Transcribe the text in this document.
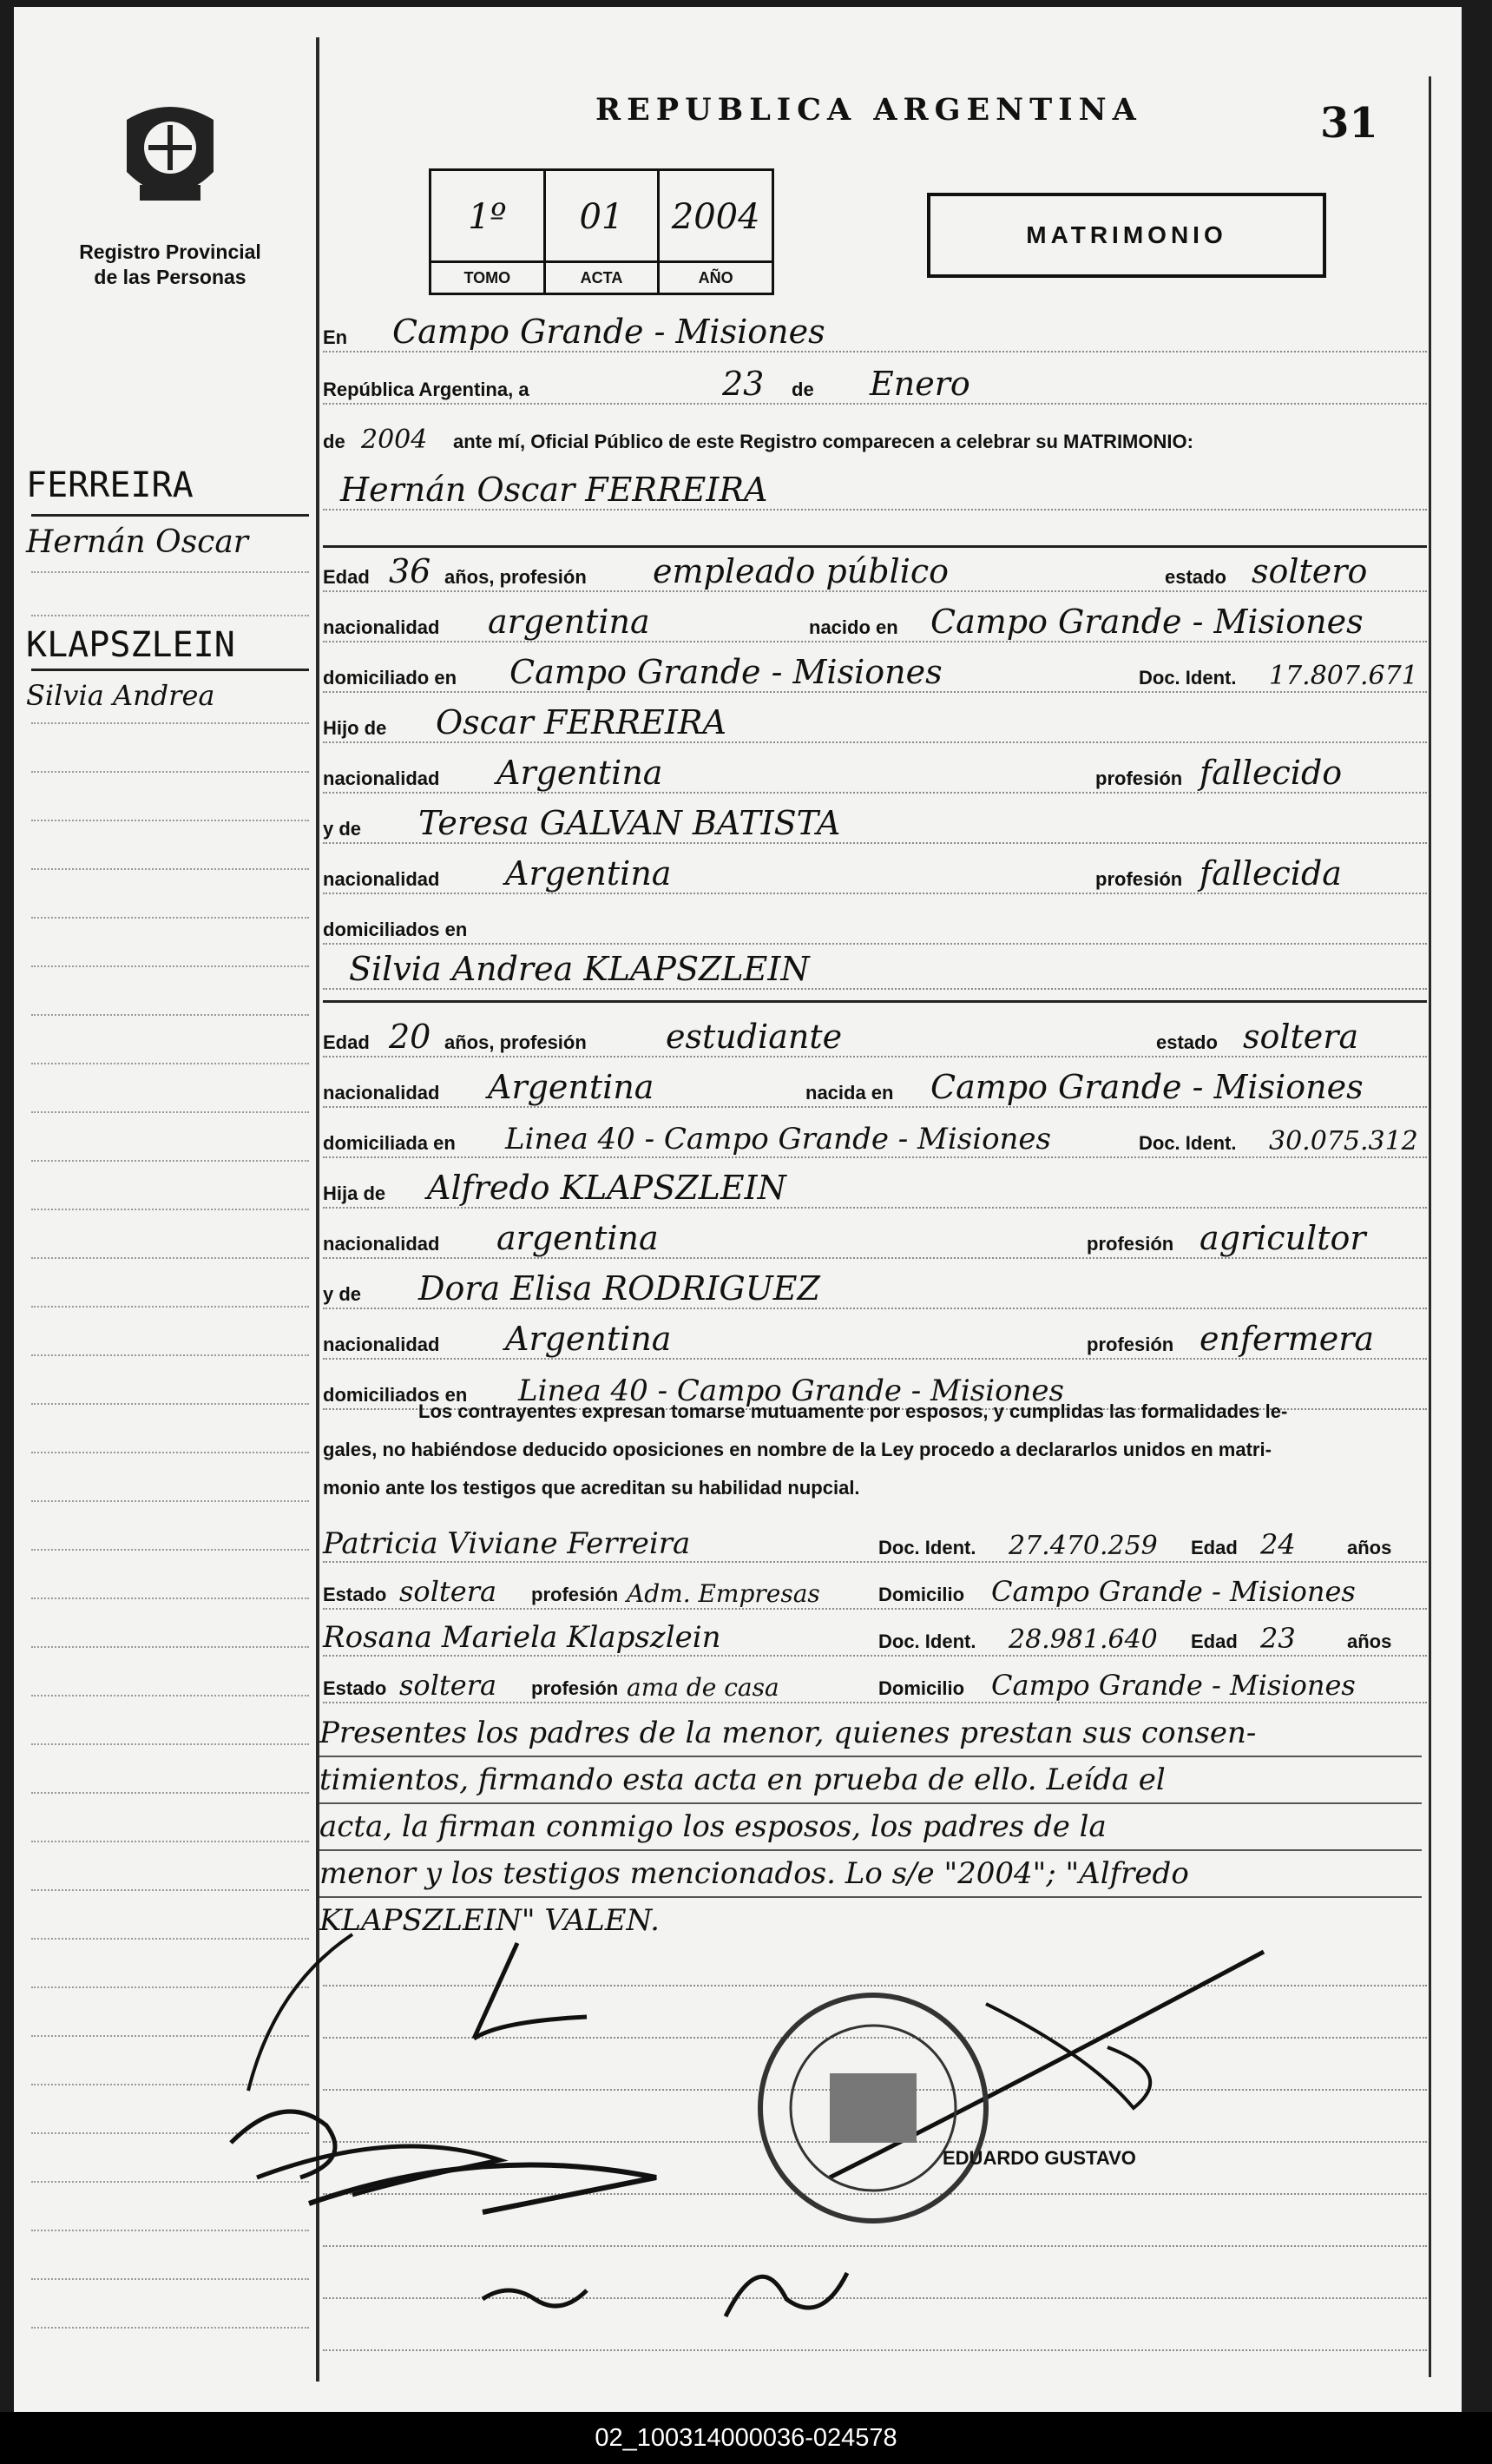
Registro Provincial
de las Personas
FERREIRA
Hernán Oscar
KLAPSZLEIN
Silvia Andrea
REPUBLICA ARGENTINA	31
1º
TOMO
01
ACTA
2004
AÑO
MATRIMONIO
En Campo Grande - Misiones
República Argentina, a	23 de Enero
de 2004 ante mí, Oficial Público de este Registro comparecen a celebrar su MATRIMONIO:
Hernán Oscar FERREIRA
Edad 36 años, profesión empleado público	estado soltero
nacionalidad argentina	nacido en Campo Grande - Misiones
domiciliado en Campo Grande - Misiones	Doc. Ident. 17.807.671
Hijo de Oscar FERREIRA
nacionalidad Argentina	profesión fallecido
y de Teresa GALVAN BATISTA
nacionalidad Argentina	profesión fallecida
domiciliados en
Silvia Andrea KLAPSZLEIN
Edad 20 años, profesión estudiante	estado soltera
nacionalidad Argentina	nacida en Campo Grande - Misiones
domiciliada en Linea 40 - Campo Grande - Misiones	Doc. Ident. 30.075.312
Hija de Alfredo KLAPSZLEIN
nacionalidad argentina	profesión agricultor
y de Dora Elisa RODRIGUEZ
nacionalidad Argentina	profesión enfermera
domiciliados en Linea 40 - Campo Grande - Misiones
Los contrayentes expresan tomarse mutuamente por esposos, y cumplidas las formalidades le-
gales, no habiéndose deducido oposiciones en nombre de la Ley procedo a declararlos unidos en matri-
monio ante los testigos que acreditan su habilidad nupcial.
Patricia Viviane Ferreira	Doc. Ident. 27.470.259 Edad 24	años
Estado soltera profesión Adm. Empresas	Domicilio Campo Grande - Misiones
Rosana Mariela Klapszlein	Doc. Ident. 28.981.640 Edad 23	años
Estado soltera profesión ama de casa	Domicilio Campo Grande - Misiones
Presentes los padres de la menor, quienes prestan sus consen-
timientos, firmando esta acta en prueba de ello. Leída el
acta, la firman conmigo los esposos, los padres de la
menor y los testigos mencionados. Lo s/e "2004"; "Alfredo
KLAPSZLEIN" VALEN.
EDUARDO GUSTAVO
02_100314000036-024578
